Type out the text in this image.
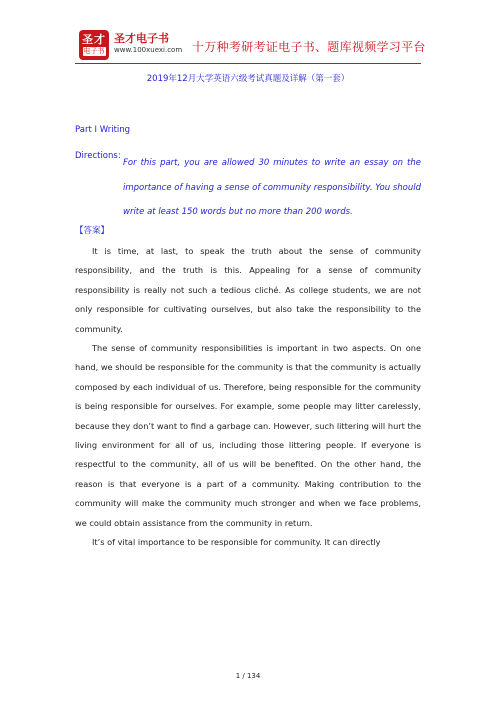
圣才
电子书
圣才电子书
www.100xuexi.com 十万种考研考证电子书、题库视频学习平台
2019年12月大学英语六级考试真题及详解（第一套）
Part I Writing
Directions:
For this part, you are allowed 30 minutes to write an essay on the importance of having a sense of community responsibility. You should write at least 150 words but no more than 200 words.
【答案】

It is time, at last, to speak the truth about the sense of community responsibility, and the truth is this. Appealing for a sense of community responsibility is really not such a tedious cliché. As college students, we are not only responsible for cultivating ourselves, but also take the responsibility to the community.

The sense of community responsibilities is important in two aspects. On one hand, we should be responsible for the community is that the community is actually composed by each individual of us. Therefore, being responsible for the community is being responsible for ourselves. For example, some people may litter carelessly, because they don’t want to find a garbage can. However, such littering will hurt the living environment for all of us, including those littering people. If everyone is respectful to the community, all of us will be benefited. On the other hand, the reason is that everyone is a part of a community. Making contribution to the community will make the community much stronger and when we face problems, we could obtain assistance from the community in return.

It’s of vital importance to be responsible for community. It can directly

1 / 134
